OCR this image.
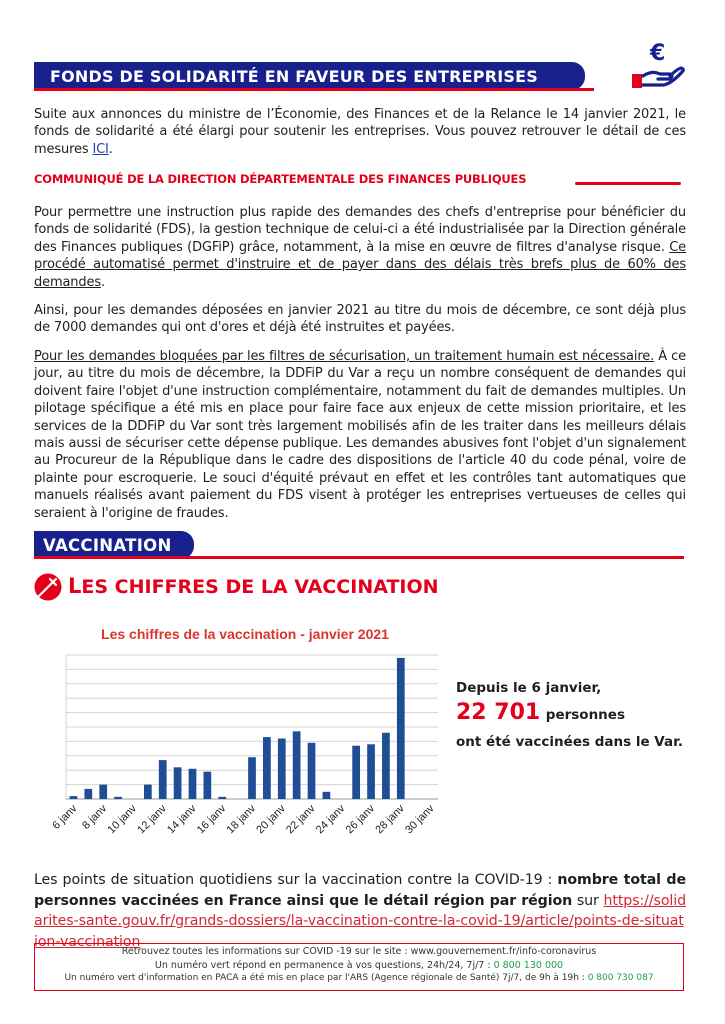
FONDS DE SOLIDARITÉ EN FAVEUR DES ENTREPRISES
€
Suite aux annonces du ministre de l’Économie, des Finances et de la Relance le 14 janvier 2021, le fonds de solidarité a été élargi pour soutenir les entreprises. Vous pouvez retrouver le détail de ces mesures ICI.
COMMUNIQUÉ DE LA DIRECTION DÉPARTEMENTALE DES FINANCES PUBLIQUES
Pour permettre une instruction plus rapide des demandes des chefs d'entreprise pour bénéficier du fonds de solidarité (FDS), la gestion technique de celui-ci a été industrialisée par la Direction générale des Finances publiques (DGFiP) grâce, notamment, à la mise en œuvre de filtres d'analyse risque. Ce procédé automatisé permet d'instruire et de payer dans des délais très brefs plus de 60% des demandes.
Ainsi, pour les demandes déposées en janvier 2021 au titre du mois de décembre, ce sont déjà plus de 7000 demandes qui ont d'ores et déjà été instruites et payées.
Pour les demandes bloquées par les filtres de sécurisation, un traitement humain est nécessaire. À ce jour, au titre du mois de décembre, la DDFiP du Var a reçu un nombre conséquent de demandes qui doivent faire l'objet d'une instruction complémentaire, notamment du fait de demandes multiples. Un pilotage spécifique a été mis en place pour faire face aux enjeux de cette mission prioritaire, et les services de la DDFiP du Var sont très largement mobilisés afin de les traiter dans les meilleurs délais mais aussi de sécuriser cette dépense publique. Les demandes abusives font l'objet d'un signalement au Procureur de la République dans le cadre des dispositions de l'article 40 du code pénal, voire de plainte pour escroquerie. Le souci d'équité prévaut en effet et les contrôles tant automatiques que manuels réalisés avant paiement du FDS visent à protéger les entreprises vertueuses de celles qui seraient à l'origine de fraudes.
VACCINATION
LES CHIFFRES DE LA VACCINATION
Les chiffres de la vaccination - janvier 2021
6 janv 8 janv
10 janv
12 janv
14 janv
16 janv
18 janv
20 janv
22 janv
24 janv
26 janv
28 janv
30 janv
Depuis le 6 janvier,
22 701 personnes
ont été vaccinées dans le Var.
Les points de situation quotidiens sur la vaccination contre la COVID-19 : nombre total de personnes vaccinées en France ainsi que le détail région par région sur https://solidarites-sante.gouv.fr/grands-dossiers/la-vaccination-contre-la-covid-19/article/points-de-situation-vaccination
Retrouvez toutes les informations sur COVID -19 sur le site : www.gouvernement.fr/info-coronavirus
Un numéro vert répond en permanence à vos questions, 24h/24, 7j/7 : 0 800 130 000
Un numéro vert d'information en PACA a été mis en place par l'ARS (Agence régionale de Santé) 7j/7, de 9h à 19h : 0 800 730 087
